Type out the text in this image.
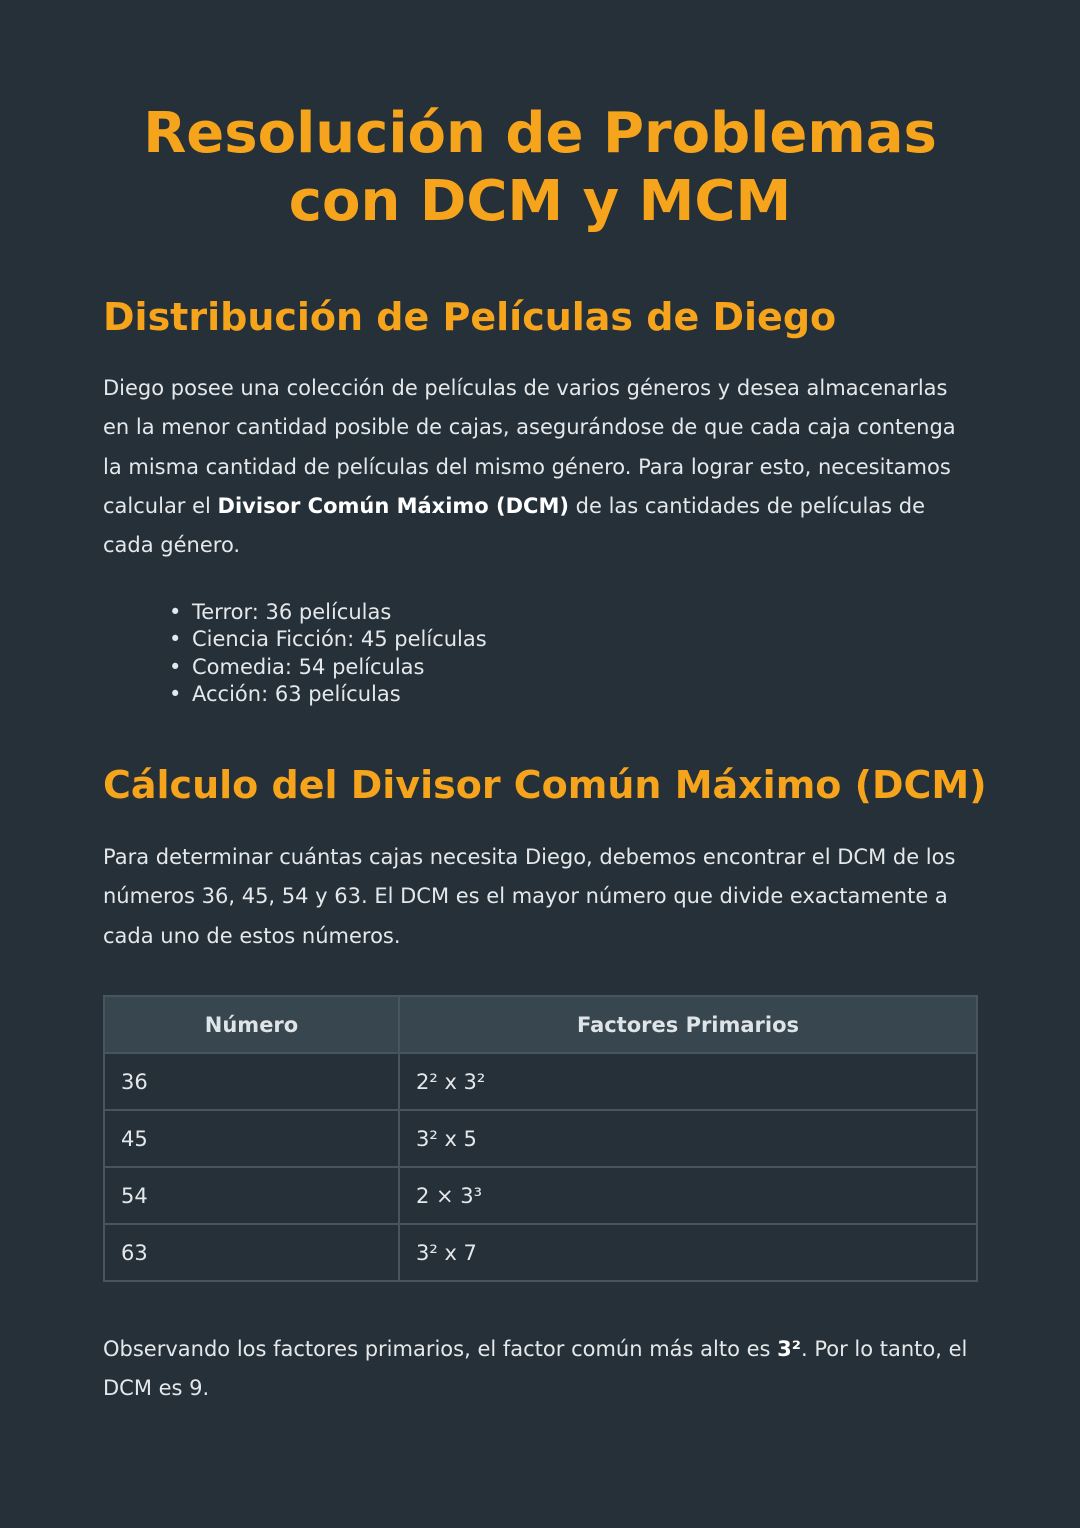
Resolución de Problemas con DCM y MCM
Distribución de Películas de Diego

Diego posee una colección de películas de varios géneros y desea almacenarlas en la menor cantidad posible de cajas, asegurándose de que cada caja contenga la misma cantidad de películas del mismo género. Para lograr esto, necesitamos calcular el Divisor Común Máximo (DCM) de las cantidades de películas de cada género.

• Terror: 36 películas
• Ciencia Ficción: 45 películas
• Comedia: 54 películas
• Acción: 63 películas
Cálculo del Divisor Común Máximo (DCM)

Para determinar cuántas cajas necesita Diego, debemos encontrar el DCM de los números 36, 45, 54 y 63. El DCM es el mayor número que divide exactamente a cada uno de estos números.

Número	Factores Primarios
36	2² x 3²
45	3² x 5
54	2 × 3³
63	3² x 7

Observando los factores primarios, el factor común más alto es 3². Por lo tanto, el DCM es 9.
